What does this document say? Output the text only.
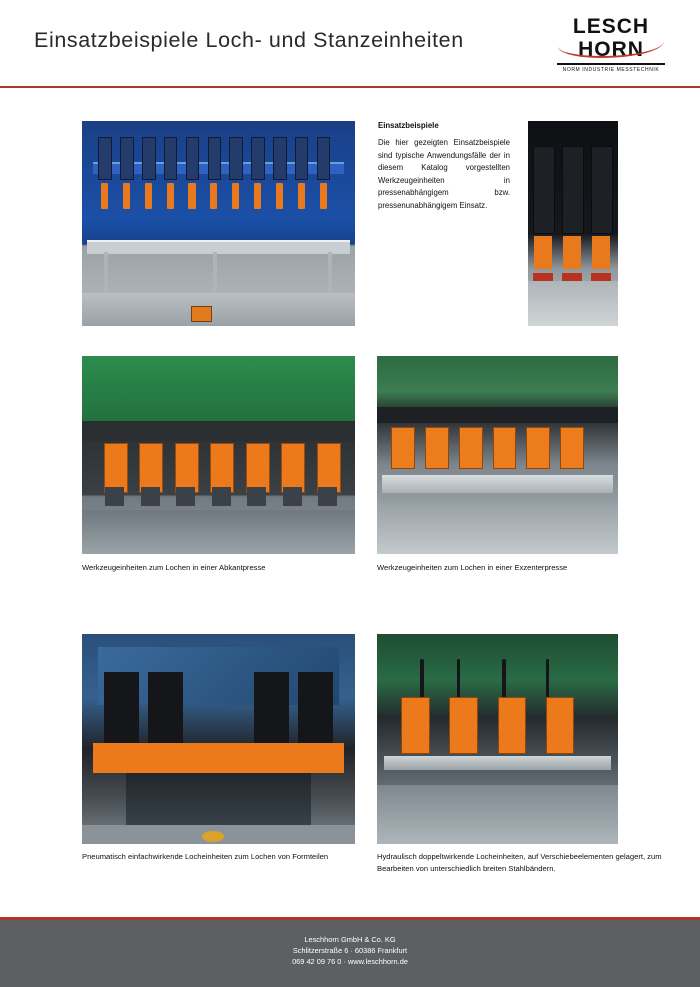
Einsatzbeispiele Loch- und Stanzeinheiten
LESCH
HORN
NORM INDUSTRIE MESSTECHNIK
Einsatzbeispiele
Die hier gezeigten Einsatzbeispiele sind typische Anwendungsfälle der in diesem Katalog vorgestellten Werkzeugeinheiten in pressenabhängigem bzw. pressenunabhängigem Einsatz.
Werkzeugeinheiten zum Lochen in einer Abkantpresse	Werkzeugeinheiten zum Lochen in einer Exzenterpresse
Pneumatisch einfachwirkende Locheinheiten zum Lochen von Formteilen	Hydraulisch doppeltwirkende Locheinheiten, auf Verschiebeelementen gelagert, zum Bearbeiten von unterschiedlich breiten Stahlbändern.
Leschhorn GmbH & Co. KG
Schlitzerstraße 6 · 60386 Frankfurt
069 42 09 76 0 · www.leschhorn.de
